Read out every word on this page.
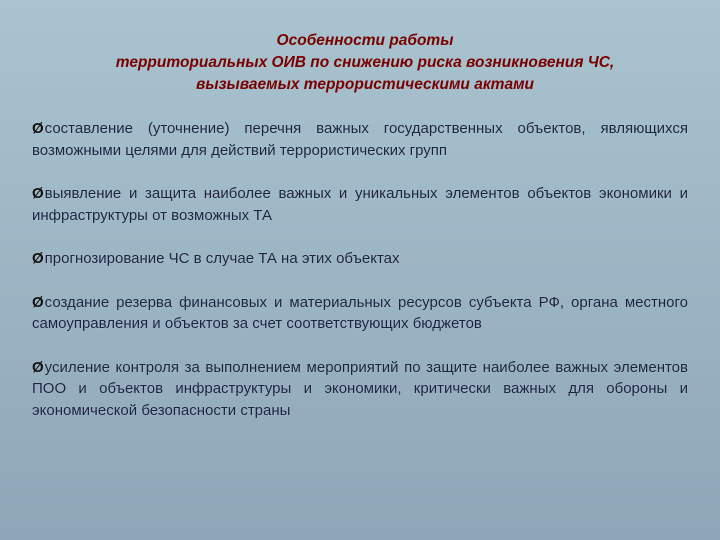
Особенности работы
территориальных ОИВ по снижению риска возникновения ЧС,
вызываемых террористическими актами
Øсоставление (уточнение) перечня важных государственных объектов, являющихся возможными целями для действий террористических групп
Øвыявление и защита наиболее важных и уникальных элементов объектов экономики и инфраструктуры от возможных ТА
Øпрогнозирование ЧС в случае ТА на этих объектах
Øсоздание резерва финансовых и материальных ресурсов субъекта РФ, органа местного самоуправления и объектов за счет соответствующих бюджетов
Øусиление контроля за выполнением мероприятий по защите наиболее важных элементов ПОО и объектов инфраструктуры и экономики, критически важных для обороны и экономической безопасности страны
